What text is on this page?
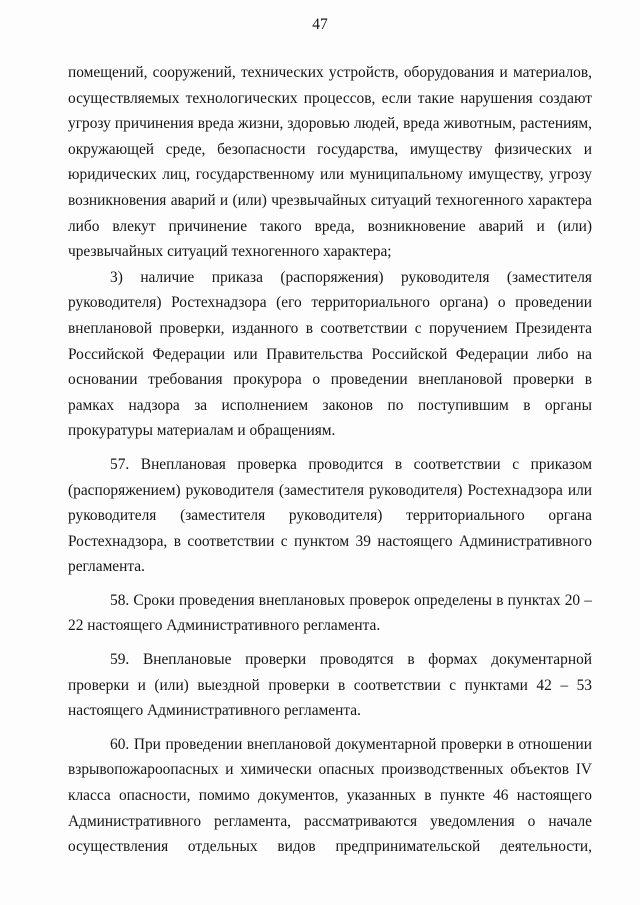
47

помещений, сооружений, технических устройств, оборудования и материалов, осуществляемых технологических процессов, если такие нарушения создают угрозу причинения вреда жизни, здоровью людей, вреда животным, растениям, окружающей среде, безопасности государства, имуществу физических и юридических лиц, государственному или муниципальному имуществу, угрозу возникновения аварий и (или) чрезвычайных ситуаций техногенного характера либо влекут причинение такого вреда, возникновение аварий и (или) чрезвычайных ситуаций техногенного характера;

3) наличие приказа (распоряжения) руководителя (заместителя руководителя) Ростехнадзора (его территориального органа) о проведении внеплановой проверки, изданного в соответствии с поручением Президента Российской Федерации или Правительства Российской Федерации либо на основании требования прокурора о проведении внеплановой проверки в рамках надзора за исполнением законов по поступившим в органы прокуратуры материалам и обращениям.

57. Внеплановая проверка проводится в соответствии с приказом (распоряжением) руководителя (заместителя руководителя) Ростехнадзора или руководителя (заместителя руководителя) территориального органа Ростехнадзора, в соответствии с пунктом 39 настоящего Административного регламента.

58. Сроки проведения внеплановых проверок определены в пунктах 20 – 22 настоящего Административного регламента.

59. Внеплановые проверки проводятся в формах документарной проверки и (или) выездной проверки в соответствии с пунктами 42 – 53 настоящего Административного регламента.

60. При проведении внеплановой документарной проверки в отношении взрывопожароопасных и химически опасных производственных объектов IV класса опасности, помимо документов, указанных в пункте 46 настоящего Административного регламента, рассматриваются уведомления о начале осуществления отдельных видов предпринимательской деятельности,
